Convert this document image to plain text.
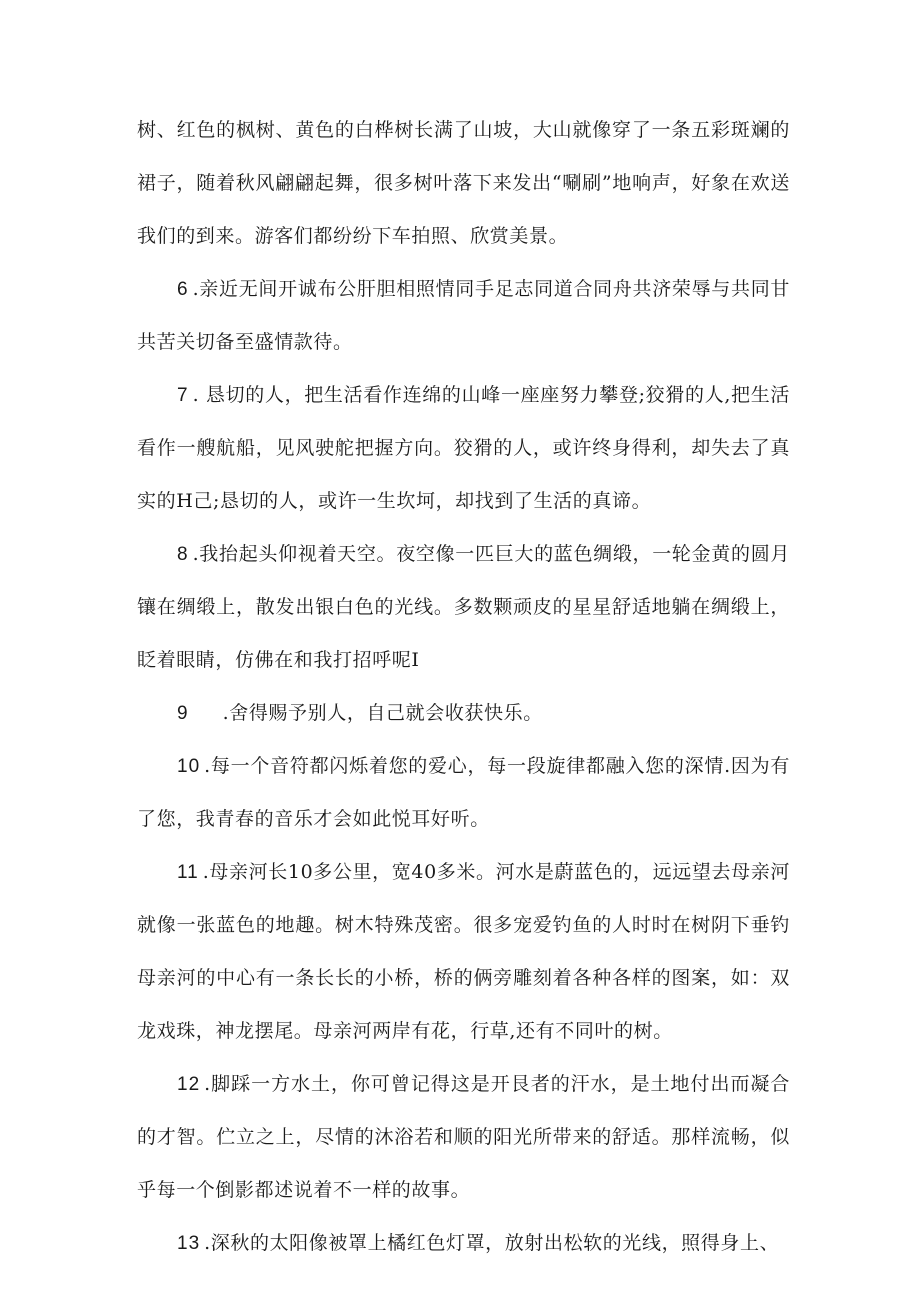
树、红色的枫树、黄色的白桦树长满了山坡，大山就像穿了一条五彩斑斓的裙子，随着秋风翩翩起舞，很多树叶落下来发出“唰刷”地响声，好象在欢送我们的到来。游客们都纷纷下车拍照、欣赏美景。

6 .亲近无间开诚布公肝胆相照情同手足志同道合同舟共济荣辱与共同甘共苦关切备至盛情款待。

7 . 恳切的人，把生活看作连绵的山峰一座座努力攀登;狡猾的人,把生活看作一艘航船，见风驶舵把握方向。狡猾的人，或许终身得利，却失去了真实的H己;恳切的人，或许一生坎坷，却找到了生活的真谛。

8 .我抬起头仰视着天空。夜空像一匹巨大的蓝色绸缎，一轮金黄的圆月镶在绸缎上，散发出银白色的光线。多数颗顽皮的星星舒适地躺在绸缎上，眨着眼睛，仿佛在和我打招呼呢I

9 .舍得赐予别人，自己就会收获快乐。

10 .每一个音符都闪烁着您的爱心，每一段旋律都融入您的深情.因为有了您，我青春的音乐才会如此悦耳好听。

11 .母亲河长10多公里，宽40多米。河水是蔚蓝色的，远远望去母亲河就像一张蓝色的地趣。树木特殊茂密。很多宠爱钓鱼的人时时在树阴下垂钓母亲河的中心有一条长长的小桥，桥的俩旁雕刻着各种各样的图案，如：双龙戏珠，神龙摆尾。母亲河两岸有花，行草,还有不同叶的树。

12 .脚踩一方水土，你可曾记得这是开艮者的汗水，是土地付出而凝合的才智。伫立之上，尽情的沐浴若和顺的阳光所带来的舒适。那样流畅，似乎每一个倒影都述说着不一样的故事。

13 .深秋的太阳像被罩上橘红色灯罩，放射出松软的光线，照得身上、
